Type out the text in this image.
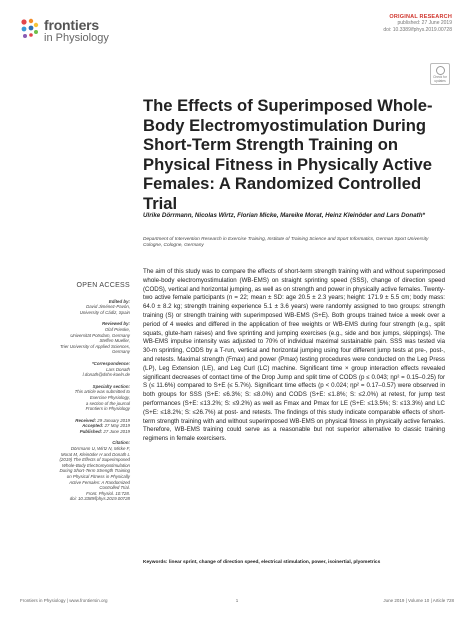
frontiers
in Physiology
ORIGINAL RESEARCH
published: 27 June 2019
doi: 10.3389/fphys.2019.00728
Check for
updates
The Effects of Superimposed Whole-Body Electromyostimulation During Short-Term Strength Training on Physical Fitness in Physically Active Females: A Randomized Controlled Trial
Ulrike Dörrmann, Nicolas Wirtz, Florian Micke, Mareike Morat, Heinz Kleinöder and Lars Donath*
Department of Intervention Research in Exercise Training, Institute of Training Science and Sport Informatics, German Sport University Cologne, Cologne, Germany
OPEN ACCESS
Edited by:
David Jiménez-Pavón,
University of Cádiz, Spain
Reviewed by:
Olaf Prieske,
Universität Potsdam, Germany
Steffen Mueller,
Trier University of Applied Sciences,
Germany
*Correspondence:
Lars Donath
l.donath@dshs-koeln.de
Specialty section:
This article was submitted to
Exercise Physiology,
a section of the journal
Frontiers in Physiology
Received: 29 January 2019
Accepted: 27 May 2019
Published: 27 June 2019
Citation:
Dörrmann U, Wirtz N, Micke F,
Morat M, Kleinöder H and Donath L
(2019) The Effects of Superimposed
Whole-Body Electromyostimulation
During Short-Term Strength Training
on Physical Fitness in Physically
Active Females: A Randomized
Controlled Trial.
Front. Physiol. 10:728.
doi: 10.3389/fphys.2019.00728
The aim of this study was to compare the effects of short-term strength training with and without superimposed whole-body electromyostimulation (WB-EMS) on straight sprinting speed (SSS), change of direction speed (CODS), vertical and horizontal jumping, as well as on strength and power in physically active females. Twenty-two active female participants (n = 22; mean ± SD: age 20.5 ± 2.3 years; height: 171.9 ± 5.5 cm; body mass: 64.0 ± 8.2 kg; strength training experience 5.1 ± 3.6 years) were randomly assigned to two groups: strength training (S) or strength training with superimposed WB-EMS (S+E). Both groups trained twice a week over a period of 4 weeks and differed in the application of free weights or WB-EMS during four strength (e.g., split squats, glute-ham raises) and five sprinting and jumping exercises (e.g., side and box jumps, skippings). The WB-EMS impulse intensity was adjusted to 70% of individual maximal sustainable pain. SSS was tested via 30-m sprinting, CODS by a T-run, vertical and horizontal jumping using four different jump tests at pre-, post-, and retests. Maximal strength (Fmax) and power (Pmax) testing procedures were conducted on the Leg Press (LP), Leg Extension (LE), and Leg Curl (LC) machine. Significant time × group interaction effects revealed significant decreases of contact time of the Drop Jump and split time of CODS (p ≤ 0.043; ηp² = 0.15–0.25) for S (≤ 11.6%) compared to S+E (≤ 5.7%). Significant time effects (p < 0.024; ηp² = 0.17–0.57) were observed in both groups for SSS (S+E: ≤6.3%; S: ≤8.0%) and CODS (S+E: ≤1.8%; S: ≤2.0%) at retest, for jump test performances (S+E: ≤13.2%; S: ≤9.2%) as well as Fmax and Pmax for LE (S+E: ≤13.5%; S: ≤13.3%) and LC (S+E: ≤18.2%; S: ≤26.7%) at post- and retests. The findings of this study indicate comparable effects of short-term strength training with and without superimposed WB-EMS on physical fitness in physically active females. Therefore, WB-EMS training could serve as a reasonable but not superior alternative to classic training regimens in female exercisers.
Keywords: linear sprint, change of direction speed, electrical stimulation, power, isoinertial, plyometrics
Frontiers in Physiology | www.frontiersin.org	1	June 2019 | Volume 10 | Article 728
